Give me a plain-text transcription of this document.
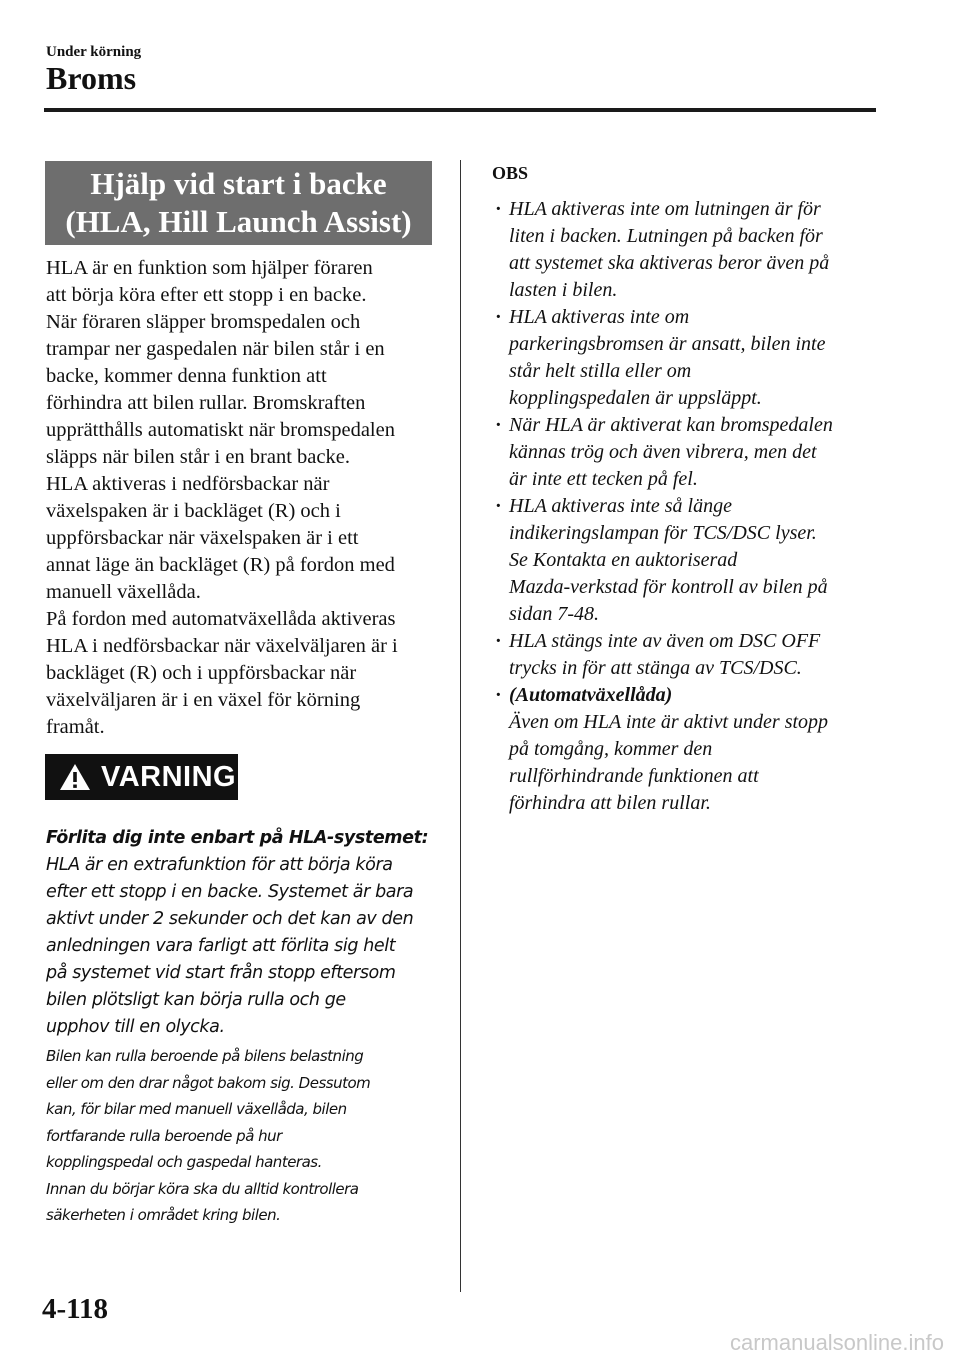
Under körning
Broms
Hjälp vid start i backe
(HLA, Hill Launch Assist)

HLA är en funktion som hjälper föraren
att börja köra efter ett stopp i en backe.
När föraren släpper bromspedalen och
trampar ner gaspedalen när bilen står i en
backe, kommer denna funktion att
förhindra att bilen rullar. Bromskraften
upprätthålls automatiskt när bromspedalen
släpps när bilen står i en brant backe.

HLA aktiveras i nedförsbackar när
växelspaken är i backläget (R) och i
uppförsbackar när växelspaken är i ett
annat läge än backläget (R) på fordon med
manuell växellåda.

På fordon med automatväxellåda aktiveras
HLA i nedförsbackar när växelväljaren är i
backläget (R) och i uppförsbackar när
växelväljaren är i en växel för körning
framåt.

VARNING

Förlita dig inte enbart på HLA-systemet:

HLA är en extrafunktion för att börja köra
efter ett stopp i en backe. Systemet är bara
aktivt under 2 sekunder och det kan av den
anledningen vara farligt att förlita sig helt
på systemet vid start från stopp eftersom
bilen plötsligt kan börja rulla och ge
upphov till en olycka.
Bilen kan rulla beroende på bilens belastning
eller om den drar något bakom sig. Dessutom
kan, för bilar med manuell växellåda, bilen
fortfarande rulla beroende på hur
kopplingspedal och gaspedal hanteras.
Innan du börjar köra ska du alltid kontrollera
säkerheten i området kring bilen.

OBS

· HLA aktiveras inte om lutningen är för
liten i backen. Lutningen på backen för
att systemet ska aktiveras beror även på
lasten i bilen.
· HLA aktiveras inte om
parkeringsbromsen är ansatt, bilen inte
står helt stilla eller om
kopplingspedalen är uppsläppt.
· När HLA är aktiverat kan bromspedalen
kännas trög och även vibrera, men det
är inte ett tecken på fel.
· HLA aktiveras inte så länge
indikeringslampan för TCS/DSC lyser.
Se Kontakta en auktoriserad
Mazda-verkstad för kontroll av bilen på
sidan 7-48.
· HLA stängs inte av även om DSC OFF
trycks in för att stänga av TCS/DSC.
· (Automatväxellåda)
Även om HLA inte är aktivt under stopp
på tomgång, kommer den
rullförhindrande funktionen att
förhindra att bilen rullar.
4-118
carmanualsonline.info
